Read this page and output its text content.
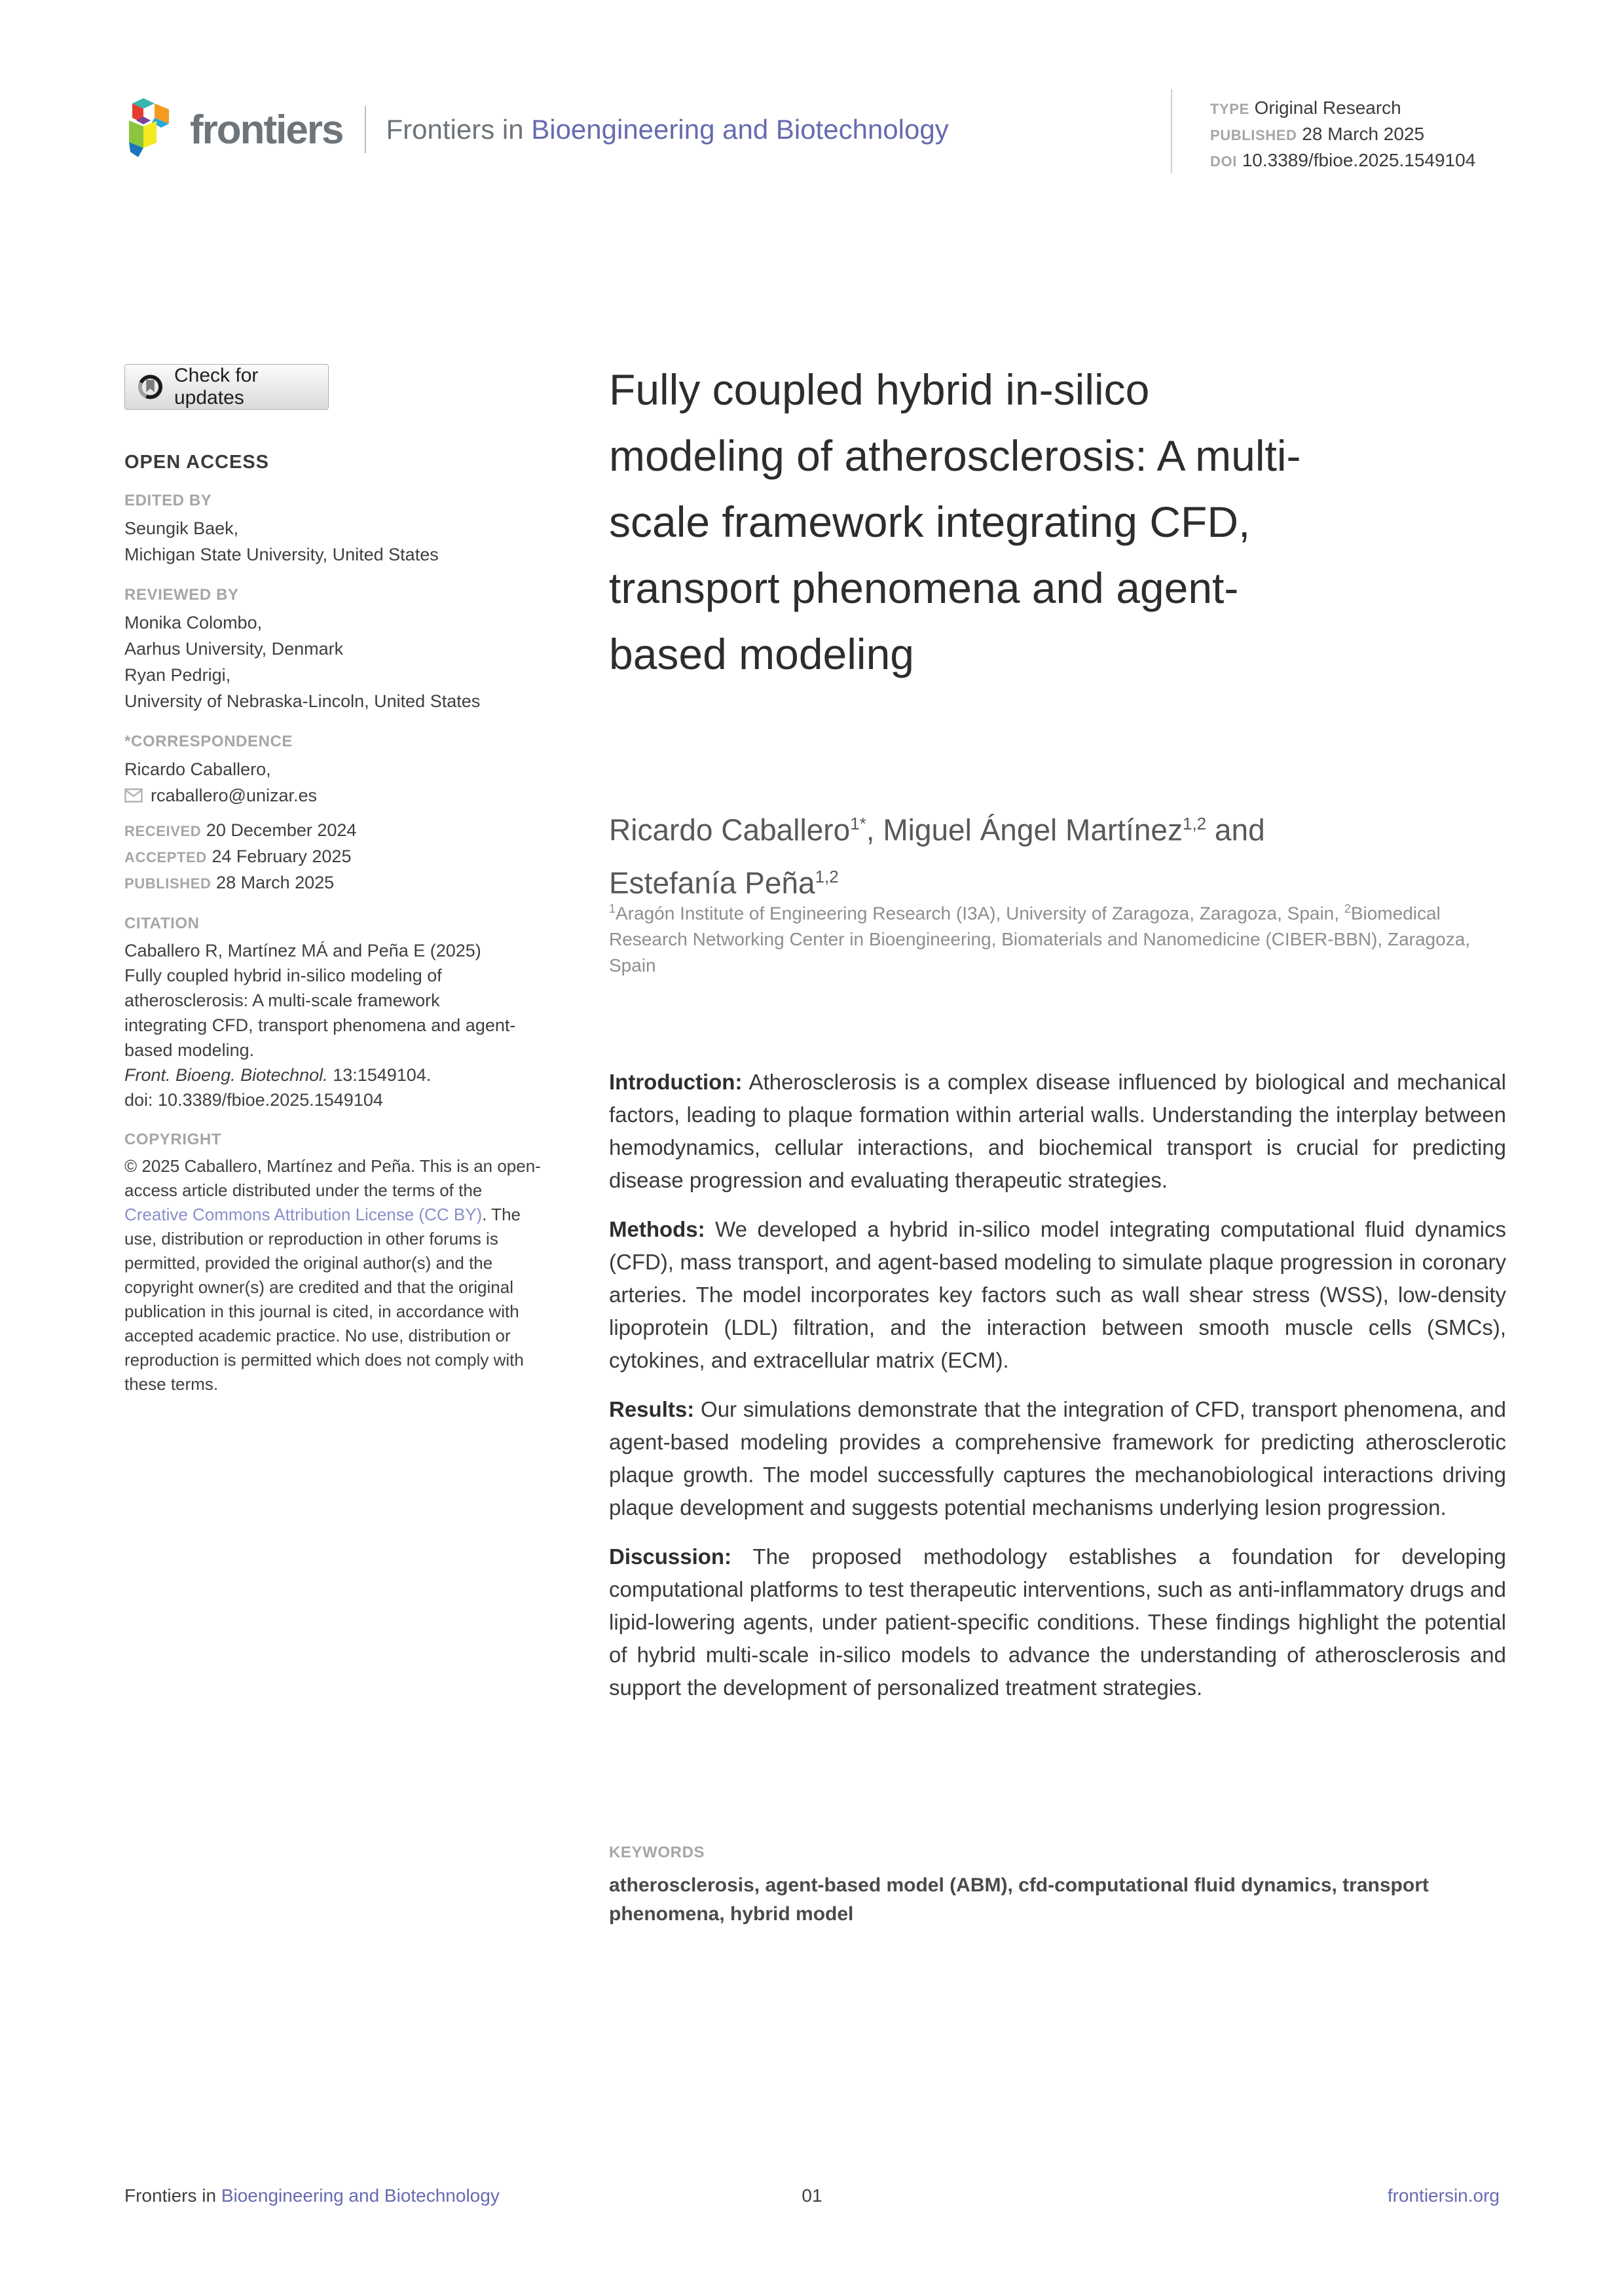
frontiers Frontiers in Bioengineering and Biotechnology
TYPE Original Research
PUBLISHED 28 March 2025
DOI 10.3389/fbioe.2025.1549104
Check for updates
OPEN ACCESS
EDITED BY
Seungik Baek,
Michigan State University, United States
REVIEWED BY
Monika Colombo,
Aarhus University, Denmark
Ryan Pedrigi,
University of Nebraska-Lincoln, United States
*CORRESPONDENCE
Ricardo Caballero,
rcaballero@unizar.es
RECEIVED 20 December 2024
ACCEPTED 24 February 2025
PUBLISHED 28 March 2025
CITATION
Caballero R, Martínez MÁ and Peña E (2025) Fully coupled hybrid in-silico modeling of atherosclerosis: A multi-scale framework integrating CFD, transport phenomena and agent-based modeling.
Front. Bioeng. Biotechnol. 13:1549104.
doi: 10.3389/fbioe.2025.1549104
COPYRIGHT
© 2025 Caballero, Martínez and Peña. This is an open-access article distributed under the terms of the Creative Commons Attribution License (CC BY). The use, distribution or reproduction in other forums is permitted, provided the original author(s) and the copyright owner(s) are credited and that the original publication in this journal is cited, in accordance with accepted academic practice. No use, distribution or reproduction is permitted which does not comply with these terms.
Fully coupled hybrid in-silico modeling of atherosclerosis: A multi-scale framework integrating CFD, transport phenomena and agent-based modeling
Ricardo Caballero$^{1*}$, Miguel Ángel Martínez$^{1,2}$ and Estefanía Peña$^{1,2}$
$^1$Aragón Institute of Engineering Research (I3A), University of Zaragoza, Zaragoza, Spain, $^2$Biomedical Research Networking Center in Bioengineering, Biomaterials and Nanomedicine (CIBER-BBN), Zaragoza, Spain

Introduction: Atherosclerosis is a complex disease influenced by biological and mechanical factors, leading to plaque formation within arterial walls. Understanding the interplay between hemodynamics, cellular interactions, and biochemical transport is crucial for predicting disease progression and evaluating therapeutic strategies.

Methods: We developed a hybrid in-silico model integrating computational fluid dynamics (CFD), mass transport, and agent-based modeling to simulate plaque progression in coronary arteries. The model incorporates key factors such as wall shear stress (WSS), low-density lipoprotein (LDL) filtration, and the interaction between smooth muscle cells (SMCs), cytokines, and extracellular matrix (ECM).

Results: Our simulations demonstrate that the integration of CFD, transport phenomena, and agent-based modeling provides a comprehensive framework for predicting atherosclerotic plaque growth. The model successfully captures the mechanobiological interactions driving plaque development and suggests potential mechanisms underlying lesion progression.

Discussion: The proposed methodology establishes a foundation for developing computational platforms to test therapeutic interventions, such as anti-inflammatory drugs and lipid-lowering agents, under patient-specific conditions. These findings highlight the potential of hybrid multi-scale in-silico models to advance the understanding of atherosclerosis and support the development of personalized treatment strategies.

KEYWORDS
atherosclerosis, agent-based model (ABM), cfd-computational fluid dynamics, transport phenomena, hybrid model
Frontiers in Bioengineering and Biotechnology	01	frontiersin.org
